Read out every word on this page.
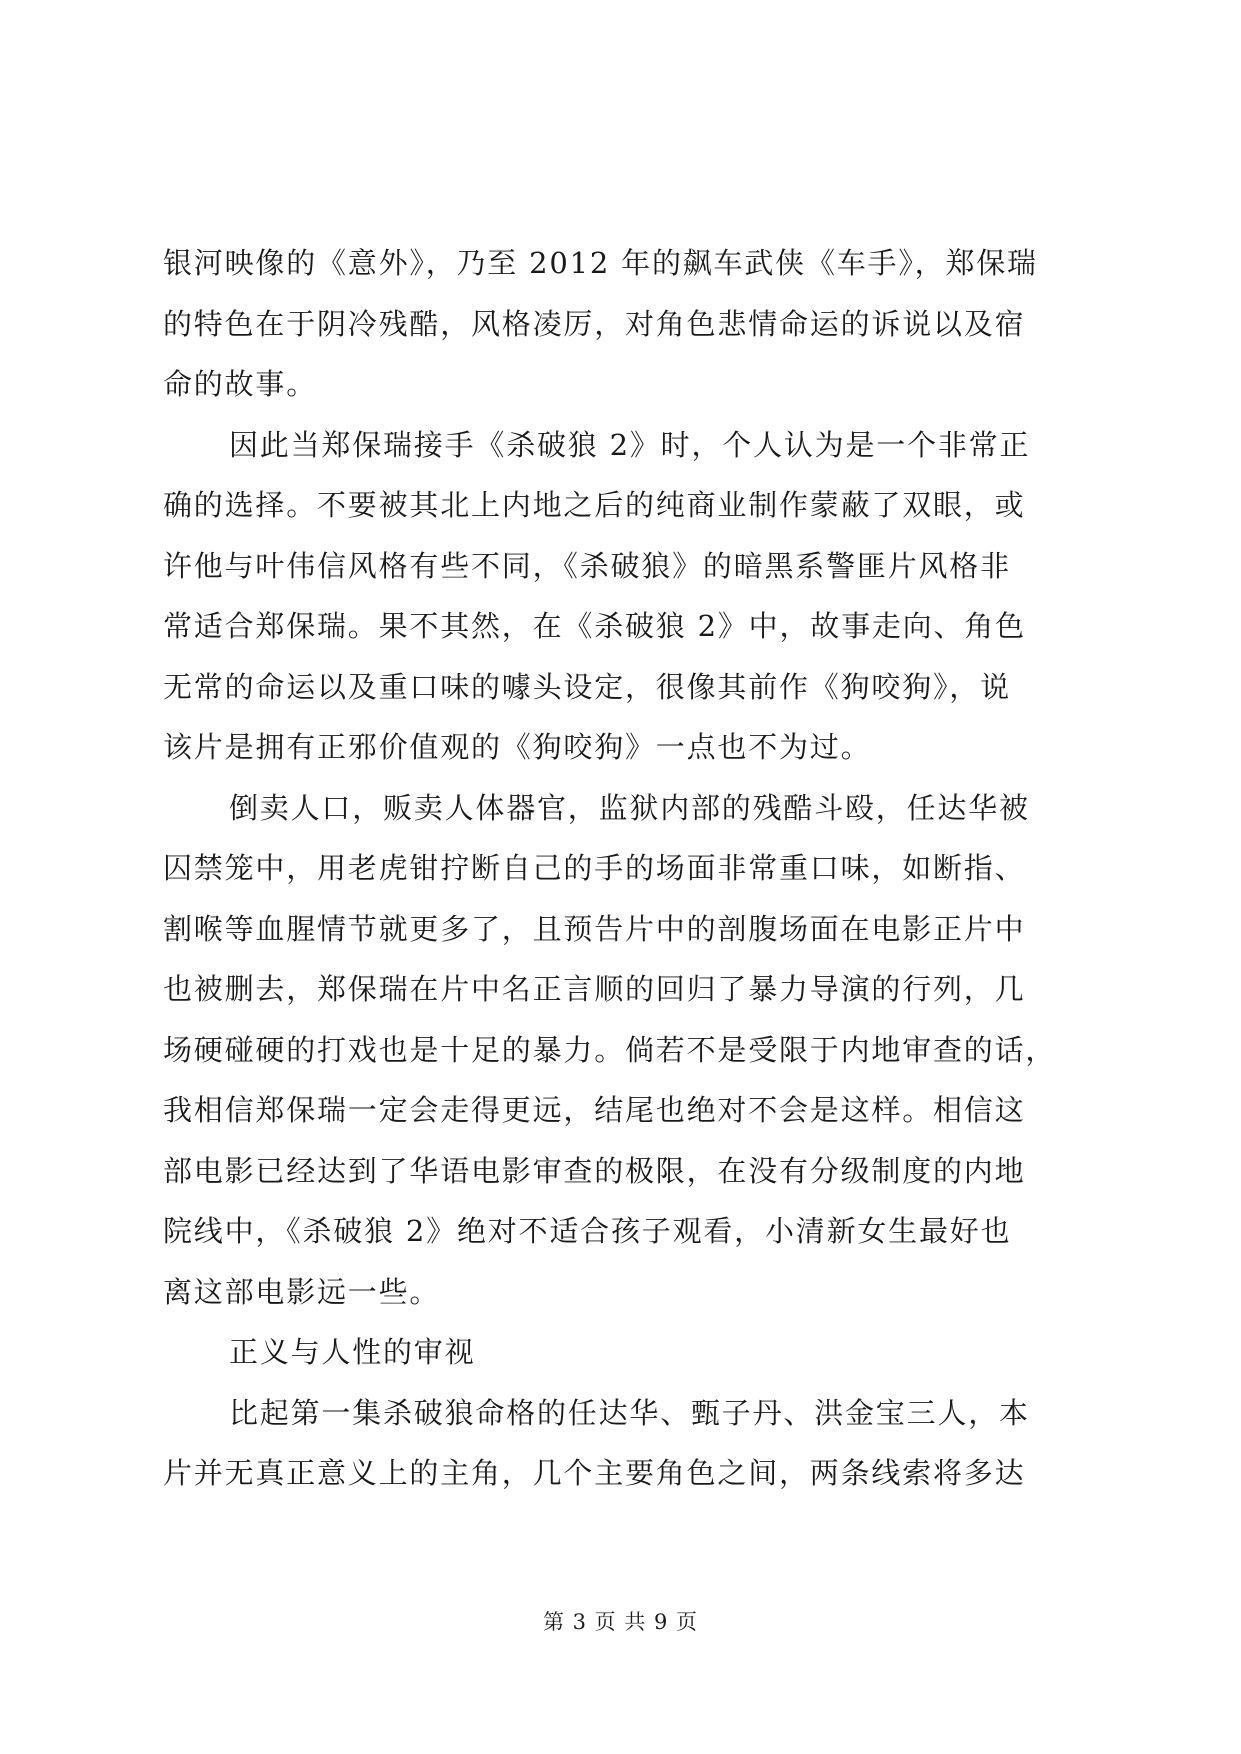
银河映像的《意外》，乃至 2012 年的飙车武侠《车手》，郑保瑞
的特色在于阴冷残酷，风格凌厉，对角色悲情命运的诉说以及宿
命的故事。
因此当郑保瑞接手《杀破狼 2》时，个人认为是一个非常正
确的选择。不要被其北上内地之后的纯商业制作蒙蔽了双眼，或
许他与叶伟信风格有些不同，《杀破狼》的暗黑系警匪片风格非
常适合郑保瑞。果不其然，在《杀破狼 2》中，故事走向、角色
无常的命运以及重口味的噱头设定，很像其前作《狗咬狗》，说
该片是拥有正邪价值观的《狗咬狗》一点也不为过。
倒卖人口，贩卖人体器官，监狱内部的残酷斗殴，任达华被
囚禁笼中，用老虎钳拧断自己的手的场面非常重口味，如断指、
割喉等血腥情节就更多了，且预告片中的剖腹场面在电影正片中
也被删去，郑保瑞在片中名正言顺的回归了暴力导演的行列，几
场硬碰硬的打戏也是十足的暴力。倘若不是受限于内地审查的话，
我相信郑保瑞一定会走得更远，结尾也绝对不会是这样。相信这
部电影已经达到了华语电影审查的极限，在没有分级制度的内地
院线中，《杀破狼 2》绝对不适合孩子观看，小清新女生最好也
离这部电影远一些。
正义与人性的审视
比起第一集杀破狼命格的任达华、甄子丹、洪金宝三人，本
片并无真正意义上的主角，几个主要角色之间，两条线索将多达
第 3 页 共 9 页
